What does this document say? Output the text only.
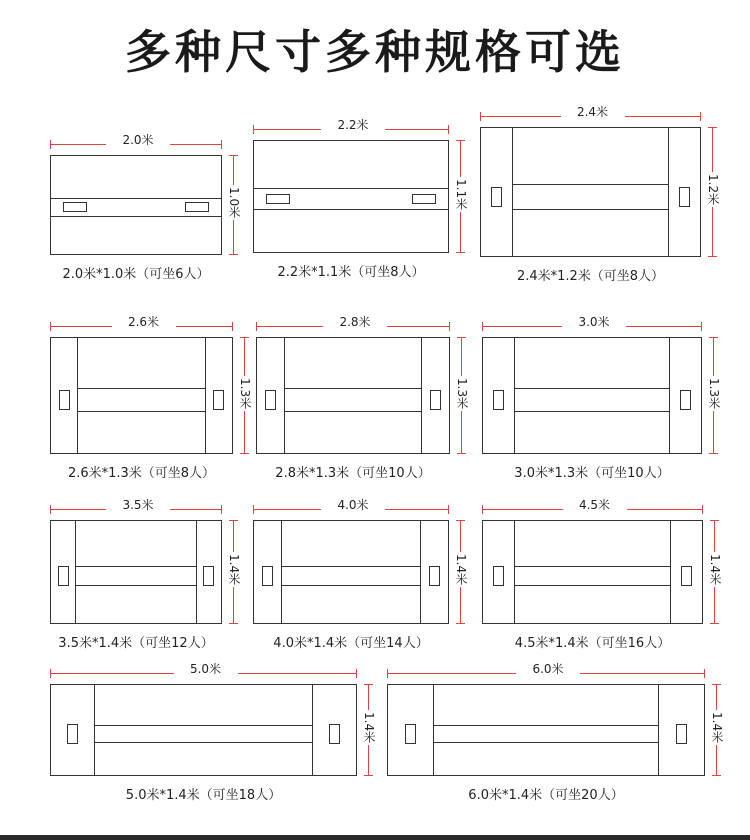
多种尺寸多种规格可选
2.0米
1.0米
2.0米*1.0米（可坐6人）
2.2米
1.1米
2.2米*1.1米（可坐8人）
2.4米
1.2米
2.4米*1.2米（可坐8人）
2.6米
1.3米
2.6米*1.3米（可坐8人）
2.8米
1.3米
2.8米*1.3米（可坐10人）
3.0米
1.3米
3.0米*1.3米（可坐10人）
3.5米
1.4米
3.5米*1.4米（可坐12人）
4.0米
1.4米
4.0米*1.4米（可坐14人）
4.5米
1.4米
4.5米*1.4米（可坐16人）
5.0米
1.4米
5.0米*1.4米（可坐18人）
6.0米
1.4米
6.0米*1.4米（可坐20人）
